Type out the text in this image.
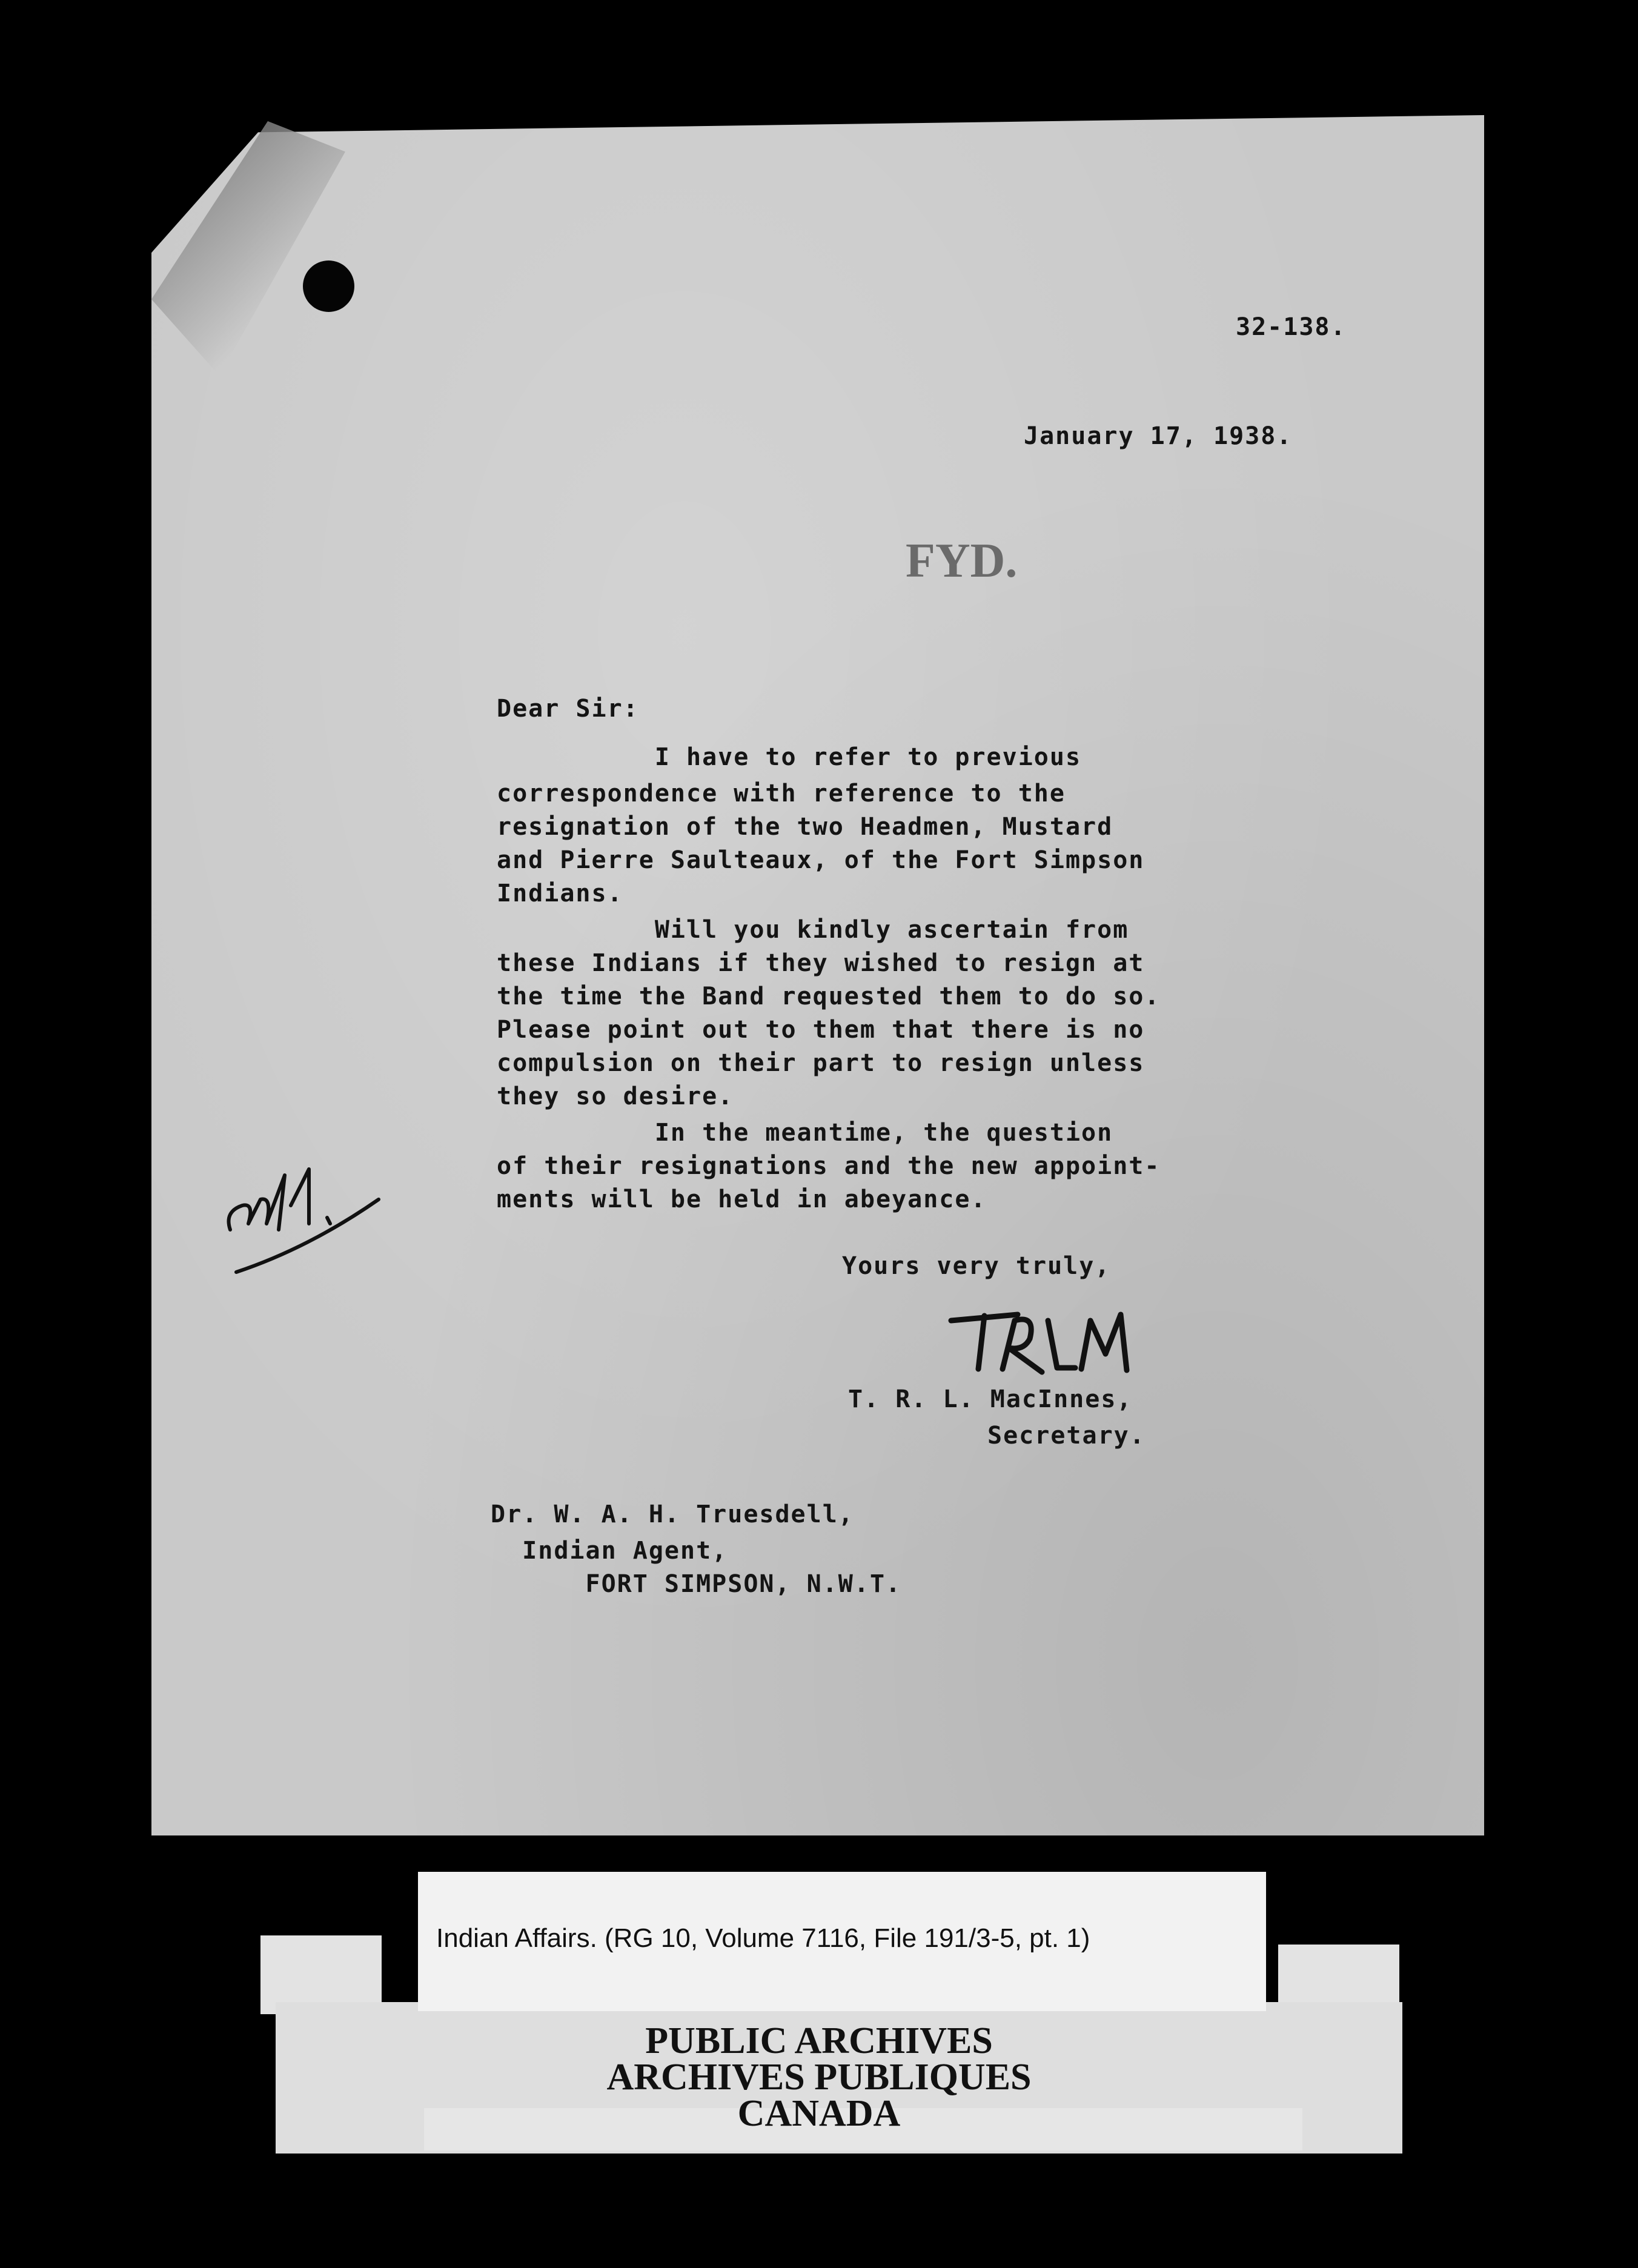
32-138.
January 17, 1938.
FYD.
Dear Sir:
I have to refer to previous
correspondence with reference to the
resignation of the two Headmen, Mustard
and Pierre Saulteaux, of the Fort Simpson
Indians.
Will you kindly ascertain from
these Indians if they wished to resign at
the time the Band requested them to do so.
Please point out to them that there is no
compulsion on their part to resign unless
they so desire.
In the meantime, the question
of their resignations and the new appoint-
ments will be held in abeyance.
Yours very truly,
T. R. L. MacInnes,
Secretary.
Dr. W. A. H. Truesdell,
Indian Agent,
FORT SIMPSON, N.W.T.
Indian Affairs. (RG 10, Volume 7116, File 191/3-5, pt. 1)
PUBLIC ARCHIVES
ARCHIVES PUBLIQUES
CANADA
